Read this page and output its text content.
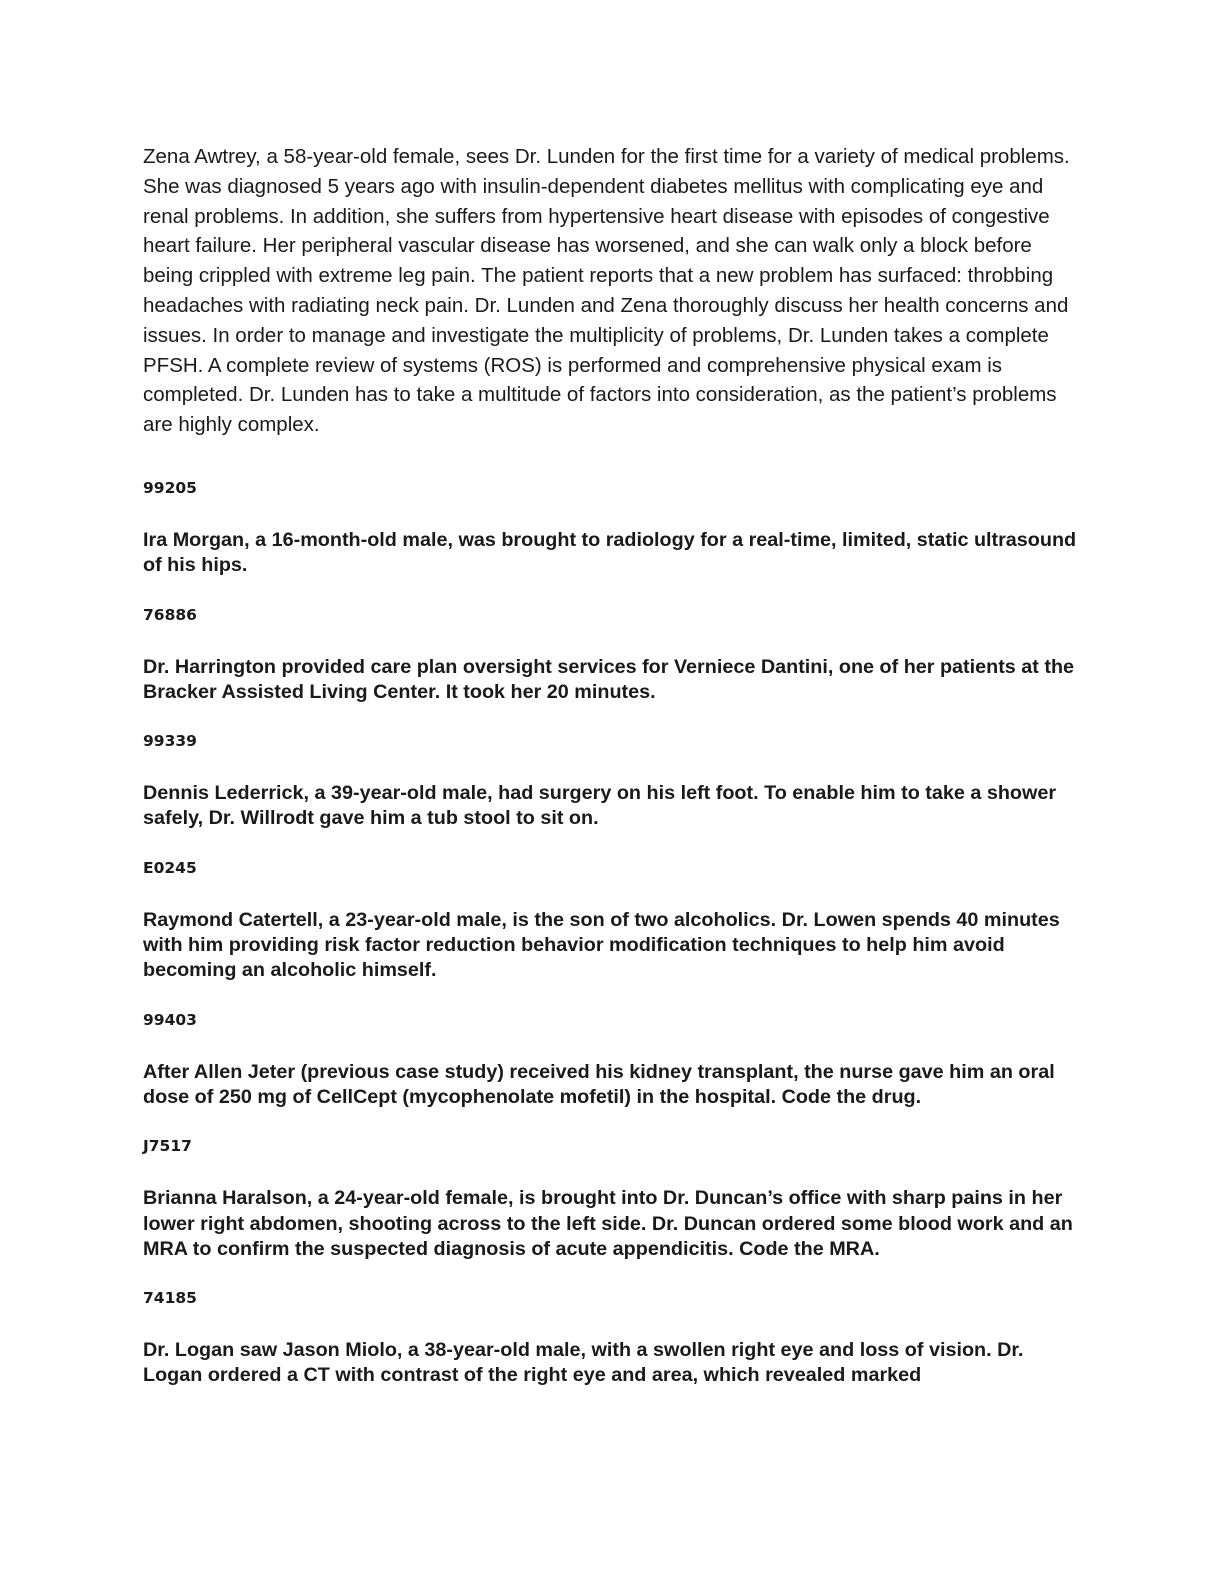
Zena Awtrey, a 58-year-old female, sees Dr. Lunden for the first time for a variety of medical problems. She was diagnosed 5 years ago with insulin-dependent diabetes mellitus with complicating eye and renal problems. In addition, she suffers from hypertensive heart disease with episodes of congestive heart failure. Her peripheral vascular disease has worsened, and she can walk only a block before being crippled with extreme leg pain. The patient reports that a new problem has surfaced: throbbing headaches with radiating neck pain. Dr. Lunden and Zena thoroughly discuss her health concerns and issues. In order to manage and investigate the multiplicity of problems, Dr. Lunden takes a complete PFSH. A complete review of systems (ROS) is performed and comprehensive physical exam is completed. Dr. Lunden has to take a multitude of factors into consideration, as the patient’s problems are highly complex.

99205

Ira Morgan, a 16-month-old male, was brought to radiology for a real-time, limited, static ultrasound of his hips.

76886

Dr. Harrington provided care plan oversight services for Verniece Dantini, one of her patients at the Bracker Assisted Living Center. It took her 20 minutes.

99339

Dennis Lederrick, a 39-year-old male, had surgery on his left foot. To enable him to take a shower safely, Dr. Willrodt gave him a tub stool to sit on.

E0245

Raymond Catertell, a 23-year-old male, is the son of two alcoholics. Dr. Lowen spends 40 minutes with him providing risk factor reduction behavior modification techniques to help him avoid becoming an alcoholic himself.

99403

After Allen Jeter (previous case study) received his kidney transplant, the nurse gave him an oral dose of 250 mg of CellCept (mycophenolate mofetil) in the hospital. Code the drug.

J7517

Brianna Haralson, a 24-year-old female, is brought into Dr. Duncan’s office with sharp pains in her lower right abdomen, shooting across to the left side. Dr. Duncan ordered some blood work and an MRA to confirm the suspected diagnosis of acute appendicitis. Code the MRA.

74185

Dr. Logan saw Jason Miolo, a 38-year-old male, with a swollen right eye and loss of vision. Dr. Logan ordered a CT with contrast of the right eye and area, which revealed marked
